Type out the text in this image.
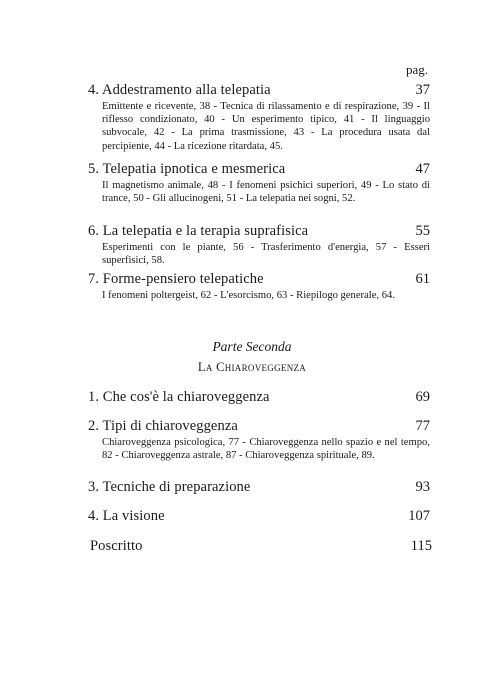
pag.
4. Addestramento alla telepatia	37
Emittente e ricevente, 38 - Tecnica di rilassamento e di respirazione, 39 - Il riflesso condizionato, 40 - Un esperimento tipico, 41 - Il linguaggio subvocale, 42 - La prima trasmissione, 43 - La procedura usata dal percipiente, 44 - La ricezione ritardata, 45.
5. Telepatia ipnotica e mesmerica	47
Il magnetismo animale, 48 - I fenomeni psichici superiori, 49 - Lo stato di trance, 50 - Gli allucinogeni, 51 - La telepatia nei sogni, 52.
6. La telepatia e la terapia suprafisica	55
Esperimenti con le piante, 56 - Trasferimento d'energia, 57 - Esseri superfisici, 58.
7. Forme-pensiero telepatiche	61
I fenomeni poltergeist, 62 - L'esorcismo, 63 - Riepilogo generale, 64.
Parte Seconda
La Chiaroveggenza
1. Che cos'è la chiaroveggenza	69
2. Tipi di chiaroveggenza	77
Chiaroveggenza psicologica, 77 - Chiaroveggenza nello spazio e nel tempo, 82 - Chiaroveggenza astrale, 87 - Chiaroveggenza spirituale, 89.
3. Tecniche di preparazione	93
4. La visione	107
Poscritto	115
